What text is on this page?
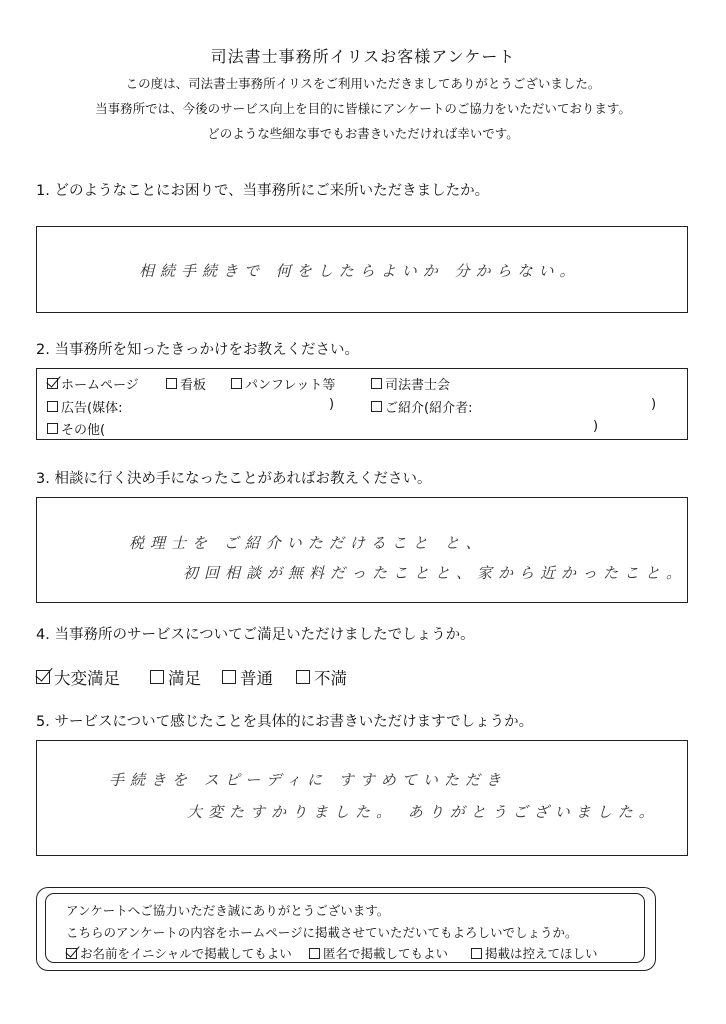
司法書士事務所イリスお客様アンケート
この度は、司法書士事務所イリスをご利用いただきましてありがとうございました。
当事務所では、今後のサービス向上を目的に皆様にアンケートのご協力をいただいております。
どのような些細な事でもお書きいただければ幸いです。
1. どのようなことにお困りで、当事務所にご来所いただきましたか。
相続手続きで 何をしたらよいか 分からない。
2. 当事務所を知ったきっかけをお教えください。
ホームページ	看板	パンフレット等	司法書士会
広告(媒体:	)	ご紹介(紹介者:	)
その他(	)
3. 相談に行く決め手になったことがあればお教えください。
税理士を ご紹介いただけること と、
初回相談が無料だったことと、家から近かったこと。
4. 当事務所のサービスについてご満足いただけましたでしょうか。
大変満足	満足 普通 不満
5. サービスについて感じたことを具体的にお書きいただけますでしょうか。
手続きを スピーディに すすめていただき
大変たすかりました。 ありがとうございました。
アンケートへご協力いただき誠にありがとうございます。
こちらのアンケートの内容をホームページに掲載させていただいてもよろしいでしょうか。
お名前をイニシャルで掲載してもよい 匿名で掲載してもよい	掲載は控えてほしい
